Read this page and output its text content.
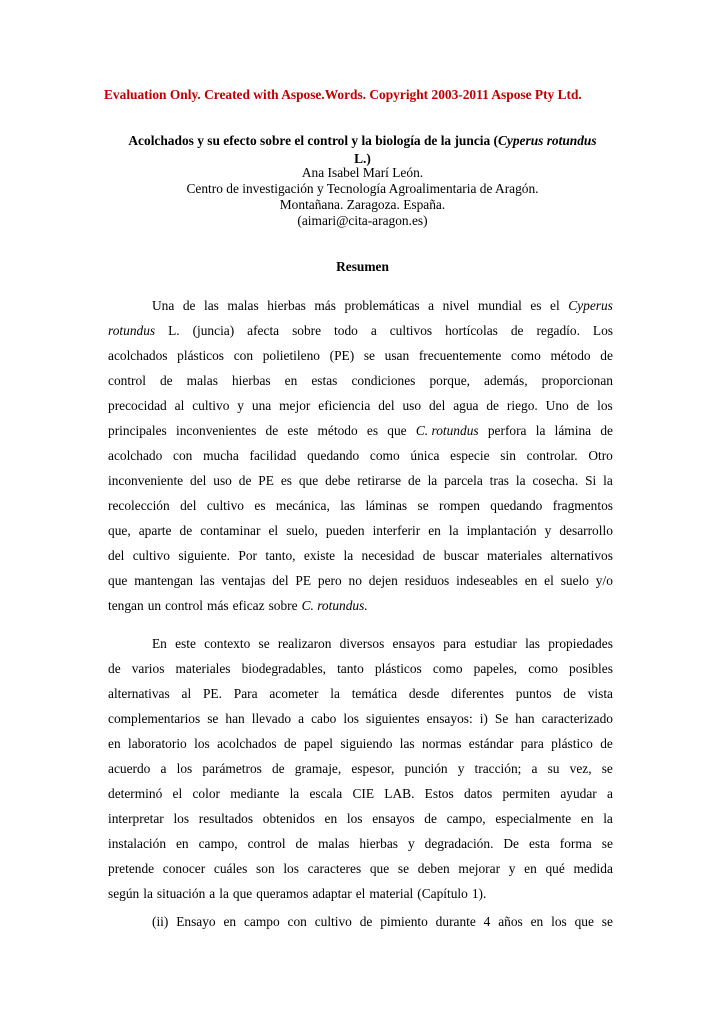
Evaluation Only. Created with Aspose.Words. Copyright 2003-2011 Aspose Pty Ltd.
Acolchados y su efecto sobre el control y la biología de la juncia (Cyperus rotundus
L.)
Ana Isabel Marí León.
Centro de investigación y Tecnología Agroalimentaria de Aragón.
Montañana. Zaragoza. España.
(aimari@cita-aragon.es)
Resumen
Una de las malas hierbas más problemáticas a nivel mundial es el Cyperus
rotundus L. (juncia) afecta sobre todo a cultivos hortícolas de regadío. Los
acolchados plásticos con polietileno (PE) se usan frecuentemente como método de
control de malas hierbas en estas condiciones porque, además, proporcionan
precocidad al cultivo y una mejor eficiencia del uso del agua de riego. Uno de los
principales inconvenientes de este método es que C. rotundus perfora la lámina de
acolchado con mucha facilidad quedando como única especie sin controlar. Otro
inconveniente del uso de PE es que debe retirarse de la parcela tras la cosecha. Si la
recolección del cultivo es mecánica, las láminas se rompen quedando fragmentos
que, aparte de contaminar el suelo, pueden interferir en la implantación y desarrollo
del cultivo siguiente. Por tanto, existe la necesidad de buscar materiales alternativos
que mantengan las ventajas del PE pero no dejen residuos indeseables en el suelo y/o
tengan un control más eficaz sobre C. rotundus.
En este contexto se realizaron diversos ensayos para estudiar las propiedades
de varios materiales biodegradables, tanto plásticos como papeles, como posibles
alternativas al PE. Para acometer la temática desde diferentes puntos de vista
complementarios se han llevado a cabo los siguientes ensayos: i) Se han caracterizado
en laboratorio los acolchados de papel siguiendo las normas estándar para plástico de
acuerdo a los parámetros de gramaje, espesor, punción y tracción; a su vez, se
determinó el color mediante la escala CIE LAB. Estos datos permiten ayudar a
interpretar los resultados obtenidos en los ensayos de campo, especialmente en la
instalación en campo, control de malas hierbas y degradación. De esta forma se
pretende conocer cuáles son los caracteres que se deben mejorar y en qué medida
según la situación a la que queramos adaptar el material (Capítulo 1).
(ii) Ensayo en campo con cultivo de pimiento durante 4 años en los que se
